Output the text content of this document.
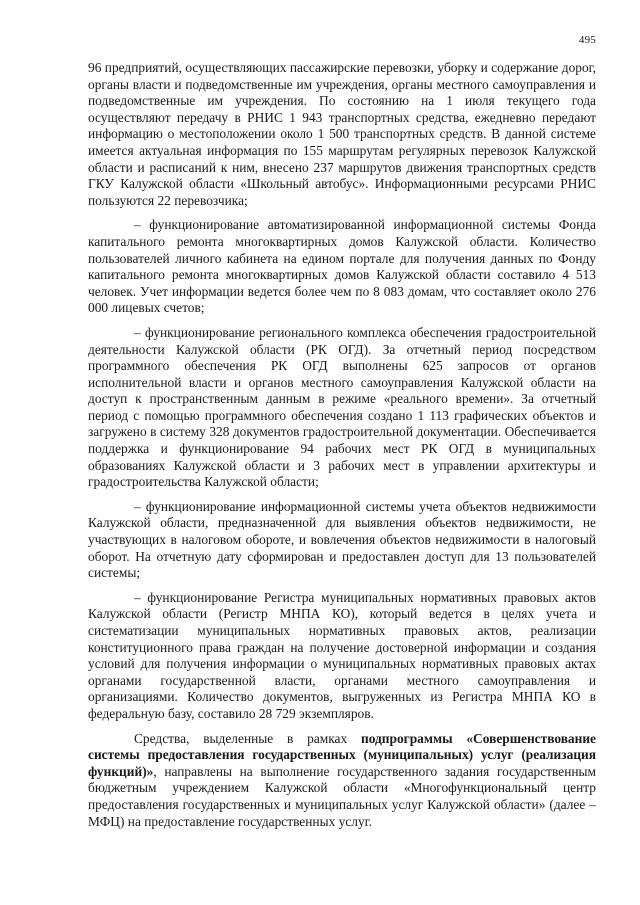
495

96 предприятий, осуществляющих пассажирские перевозки, уборку и содержание дорог, органы власти и подведомственные им учреждения, органы местного самоуправления и подведомственные им учреждения. По состоянию на 1 июля текущего года осуществляют передачу в РНИС 1 943 транспортных средства, ежедневно передают информацию о местоположении около 1 500 транспортных средств. В данной системе имеется актуальная информация по 155 маршрутам регулярных перевозок Калужской области и расписаний к ним, внесено 237 маршрутов движения транспортных средств ГКУ Калужской области «Школьный автобус». Информационными ресурсами РНИС пользуются 22 перевозчика;

– функционирование автоматизированной информационной системы Фонда капитального ремонта многоквартирных домов Калужской области. Количество пользователей личного кабинета на едином портале для получения данных по Фонду капитального ремонта многоквартирных домов Калужской области составило 4 513 человек. Учет информации ведется более чем по 8 083 домам, что составляет около 276 000 лицевых счетов;

– функционирование регионального комплекса обеспечения градостроительной деятельности Калужской области (РК ОГД). За отчетный период посредством программного обеспечения РК ОГД выполнены 625 запросов от органов исполнительной власти и органов местного самоуправления Калужской области на доступ к пространственным данным в режиме «реального времени». За отчетный период с помощью программного обеспечения создано 1 113 графических объектов и загружено в систему 328 документов градостроительной документации. Обеспечивается поддержка и функционирование 94 рабочих мест РК ОГД в муниципальных образованиях Калужской области и 3 рабочих мест в управлении архитектуры и градостроительства Калужской области;

– функционирование информационной системы учета объектов недвижимости Калужской области, предназначенной для выявления объектов недвижимости, не участвующих в налоговом обороте, и вовлечения объектов недвижимости в налоговый оборот. На отчетную дату сформирован и предоставлен доступ для 13 пользователей системы;

– функционирование Регистра муниципальных нормативных правовых актов Калужской области (Регистр МНПА КО), который ведется в целях учета и систематизации муниципальных нормативных правовых актов, реализации конституционного права граждан на получение достоверной информации и создания условий для получения информации о муниципальных нормативных правовых актах органами государственной власти, органами местного самоуправления и организациями. Количество документов, выгруженных из Регистра МНПА КО в федеральную базу, составило 28 729 экземпляров.

Средства, выделенные в рамках подпрограммы «Совершенствование системы предоставления государственных (муниципальных) услуг (реализация функций)», направлены на выполнение государственного задания государственным бюджетным учреждением Калужской области «Многофункциональный центр предоставления государственных и муниципальных услуг Калужской области» (далее – МФЦ) на предоставление государственных услуг.
